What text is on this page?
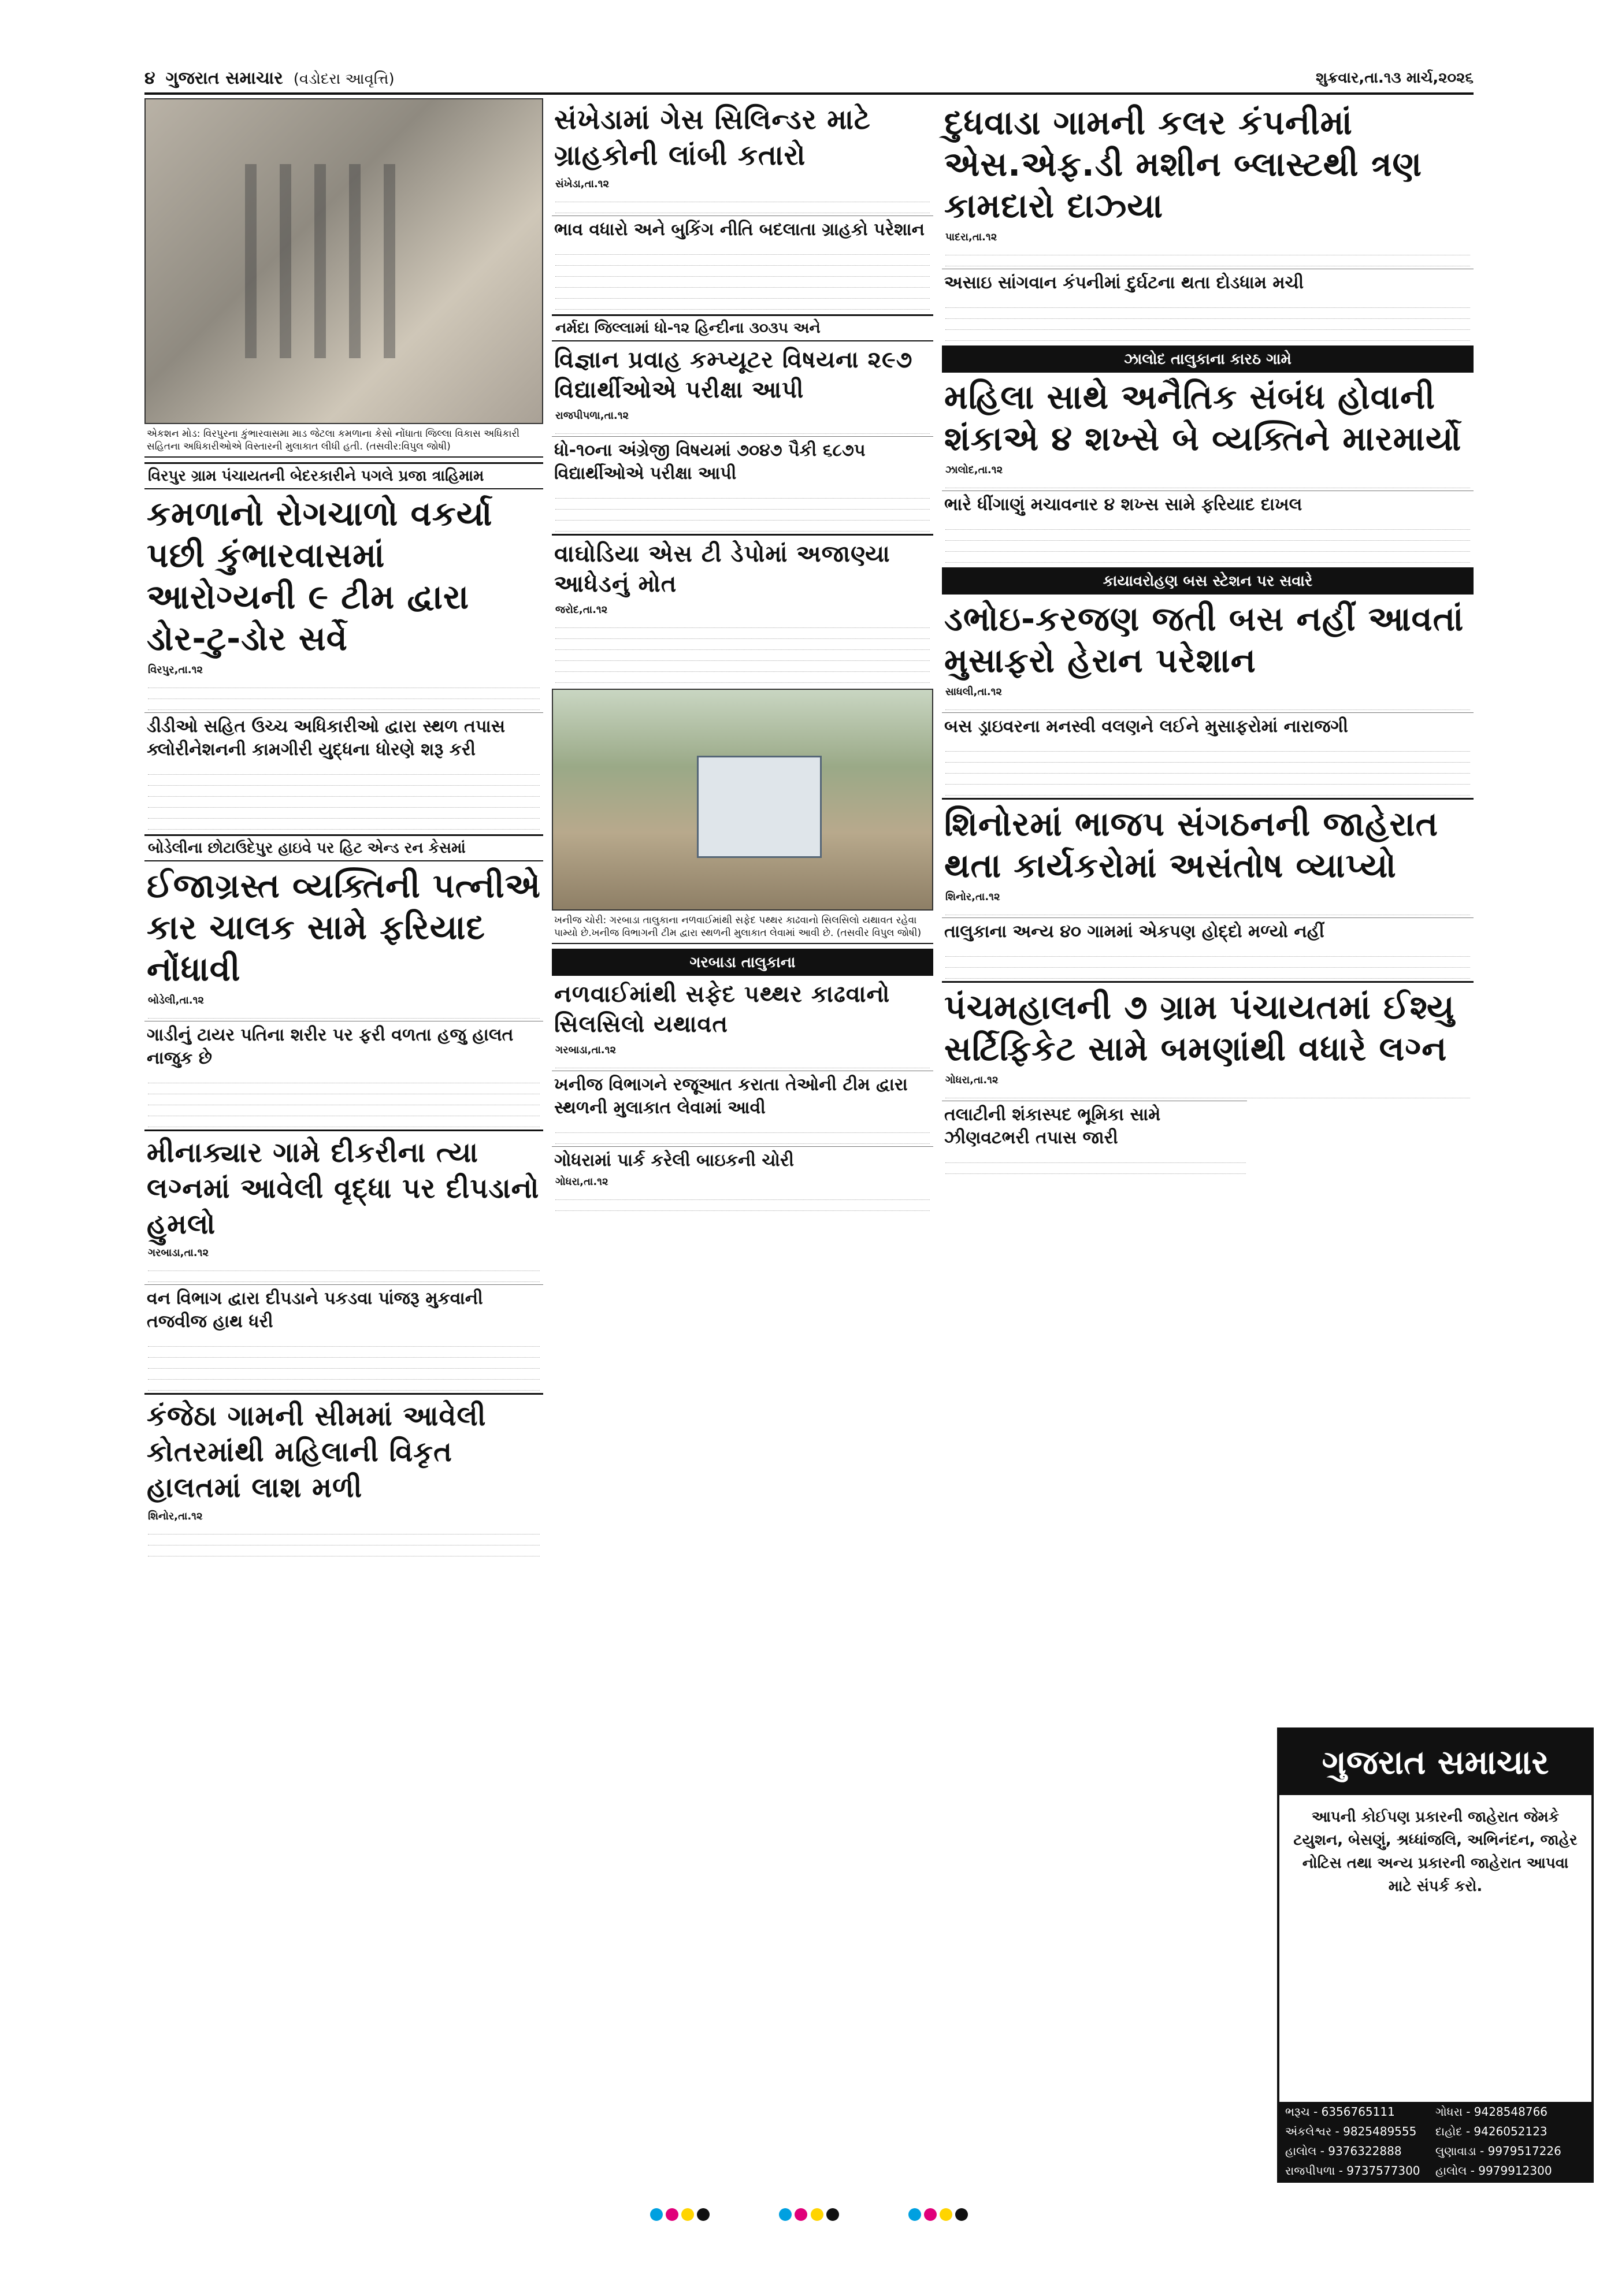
૪ ગુજરાત સમાચાર (વડોદરા આવૃત્તિ)	શુક્રવાર,તા.૧૩ માર્ચ,૨૦૨૬
એકશન મોડ: વિરપુરના કુંભારવાસમા માડ જેટલા કમળાના કેસો નોંધાતા જિલ્લા વિકાસ અધિકારી સહિતના અધિકારીઓએ વિસ્તારની મુલાકાત લીધી હતી. (તસવીર:વિપુલ જોષી)
વિરપુર ગ્રામ પંચાયતની બેદરકારીને પગલે પ્રજા ત્રાહિમામ
કમળાનો રોગચાળો વકર્યા પછી કુંભારવાસમાં આરોગ્યની ૯ ટીમ દ્વારા ડોર-ટુ-ડોર સર્વે
વિરપુર,તા.૧૨
ડીડીઓ સહિત ઉચ્ચ અધિકારીઓ દ્વારા સ્થળ તપાસ ક્લોરીનેશનની કામગીરી યુદ્ધના ધોરણે શરૂ કરી
બોડેલીના છોટાઉદેપુર હાઇવે પર હિટ એન્ડ રન કેસમાં
ઈજાગ્રસ્ત વ્યક્તિની પત્નીએ કાર ચાલક સામે ફરિયાદ નોંધાવી
બોડેલી,તા.૧૨
ગાડીનું ટાયર પતિના શરીર પર ફરી વળતા હજુ હાલત નાજુક છે
મીનાક્યાર ગામે દીકરીના ત્યા લગ્નમાં આવેલી વૃદ્ધા પર દીપડાનો હુમલો
ગરબાડા,તા.૧૨
વન વિભાગ દ્વારા દીપડાને પકડવા પાંજરૂ મુકવાની તજવીજ હાથ ધરી
કંજેઠા ગામની સીમમાં આવેલી કોતરમાંથી મહિલાની વિકૃત હાલતમાં લાશ મળી
શિનોર,તા.૧૨
સંખેડામાં ગેસ સિલિન્ડર માટે ગ્રાહકોની લાંબી કતારો
સંખેડા,તા.૧૨
ભાવ વધારો અને બુકિંગ નીતિ બદલાતા ગ્રાહકો પરેશાન
નર્મદા જિલ્લામાં ધો-૧૨ હિન્દીના ૩૦૩૫ અને
વિજ્ઞાન પ્રવાહ કમ્પ્યૂટર વિષયના ૨૯૭ વિદ્યાર્થીઓએ પરીક્ષા આપી
રાજપીપળા,તા.૧૨
ધો-૧૦ના અંગ્રેજી વિષયમાં ૭૦૪૭ પૈકી ૬૮૭૫ વિદ્યાર્થીઓએ પરીક્ષા આપી
વાઘોડિયા એસ ટી ડેપોમાં અજાણ્યા આધેડનું મોત
જરોદ,તા.૧૨
ખનીજ ચોરી: ગરબાડા તાલુકાના નળવાઈમાંથી સફેદ પથ્થર કાઢવાનો સિલસિલો યથાવત રહેવા પામ્યો છે.ખનીજ વિભાગની ટીમ દ્વારા સ્થળની મુલાકાત લેવામાં આવી છે. (તસવીર વિપુલ જોષી)
ગરબાડા તાલુકાના
નળવાઈમાંથી સફેદ પથ્થર કાઢવાનો સિલસિલો યથાવત
ગરબાડા,તા.૧૨
ખનીજ વિભાગને રજૂઆત કરાતા તેઓની ટીમ દ્વારા સ્થળની મુલાકાત લેવામાં આવી
ગોધરામાં પાર્ક કરેલી બાઇકની ચોરી
ગોધરા,તા.૧૨
દુધવાડા ગામની કલર કંપનીમાં એસ.એફ.ડી મશીન બ્લાસ્ટથી ત્રણ કામદારો દાઝ્યા
પાદરા,તા.૧૨
અસાઇ સાંગવાન કંપનીમાં દુર્ઘટના થતા દોડધામ મચી
ઝાલોદ તાલુકાના કારઠ ગામે
મહિલા સાથે અનૈતિક સંબંધ હોવાની શંકાએ ૪ શખ્સે બે વ્યક્તિને મારમાર્યો
ઝાલોદ,તા.૧૨
ભારે ધીંગાણું મચાવનાર ૪ શખ્સ સામે ફરિયાદ દાખલ
કાયાવરોહણ બસ સ્ટેશન પર સવારે
ડભોઇ-કરજણ જતી બસ નહીં આવતાં મુસાફરો હેરાન પરેશાન
સાધલી,તા.૧૨
બસ ડ્રાઇવરના મનસ્વી વલણને લઈને મુસાફરોમાં નારાજગી
શિનોરમાં ભાજપ સંગઠનની જાહેરાત થતા કાર્યકરોમાં અસંતોષ વ્યાપ્યો
શિનોર,તા.૧૨
તાલુકાના અન્ય ૪૦ ગામમાં એકપણ હોદ્દો મળ્યો નહીં
પંચમહાલની ૭ ગ્રામ પંચાયતમાં ઈશ્યુ સર્ટિફિકેટ સામે બમણાંથી વધારે લગ્ન
ગોધરા,તા.૧૨
તલાટીની શંકાસ્પદ ભૂમિકા સામે ઝીણવટભરી તપાસ જારી
ગુજરાત સમાચાર
આપની કોઈપણ પ્રકારની જાહેરાત જેમકે ટયુશન, બેસણું, શ્રધ્ધાંજલિ, અભિનંદન, જાહેર નોટિસ તથા અન્ય પ્રકારની જાહેરાત આપવા માટે સંપર્ક કરો.
ભરૂચ - 6356765111	ગોધરા - 9428548766
અંકલેશ્વર - 9825489555	દાહોદ - 9426052123
હાલોલ - 9376322888	લુણાવાડા - 9979517226
રાજપીપળા - 9737577300	હાલોલ - 9979912300
